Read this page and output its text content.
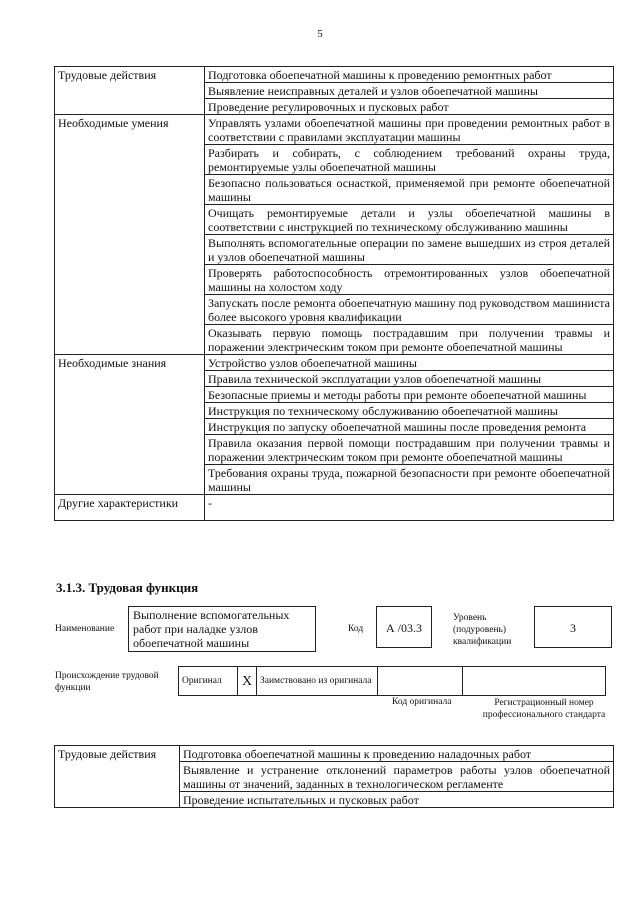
5
Трудовые действия	Подготовка обоепечатной машины к проведению ремонтных работ
	Выявление неисправных деталей и узлов обоепечатной машины
	Проведение регулировочных и пусковых работ
Необходимые умения	Управлять узлами обоепечатной машины при проведении ремонтных работ в соответствии с правилами эксплуатации машины
	Разбирать и собирать, с соблюдением требований охраны труда, ремонтируемые узлы обоепечатной машины
	Безопасно пользоваться оснасткой, применяемой при ремонте обоепечатной машины
	Очищать ремонтируемые детали и узлы обоепечатной машины в соответствии с инструкцией по техническому обслуживанию машины
	Выполнять вспомогательные операции по замене вышедших из строя деталей и узлов обоепечатной машины
	Проверять работоспособность отремонтированных узлов обоепечатной машины на холостом ходу
	Запускать после ремонта обоепечатную машину под руководством машиниста более высокого уровня квалификации
	Оказывать первую помощь пострадавшим при получении травмы и поражении электрическим током при ремонте обоепечатной машины
Необходимые знания	Устройство узлов обоепечатной машины
	Правила технической эксплуатации узлов обоепечатной машины
	Безопасные приемы и методы работы при ремонте обоепечатной машины
	Инструкция по техническому обслуживанию обоепечатной машины
	Инструкция по запуску обоепечатной машины после проведения ремонта
	Правила оказания первой помощи пострадавшим при получении травмы и поражении электрическим током при ремонте обоепечатной машины
	Требования охраны труда, пожарной безопасности при ремонте обоепечатной машины
Другие характеристики	-
3.1.3. Трудовая функция
Наименование
Выполнение вспомогательных работ при наладке узлов обоепечатной машины
Код	А /03.3
Уровень (подуровень) квалификации
3
Происхождение трудовой функции
Оригинал	X	Заимствовано из оригинала		
Код оригинала	Регистрационный номер профессионального стандарта
Трудовые действия	Подготовка обоепечатной машины к проведению наладочных работ
Выявление и устранение отклонений параметров работы узлов обоепечатной машины от значений, заданных в технологическом регламенте
Проведение испытательных и пусковых работ
